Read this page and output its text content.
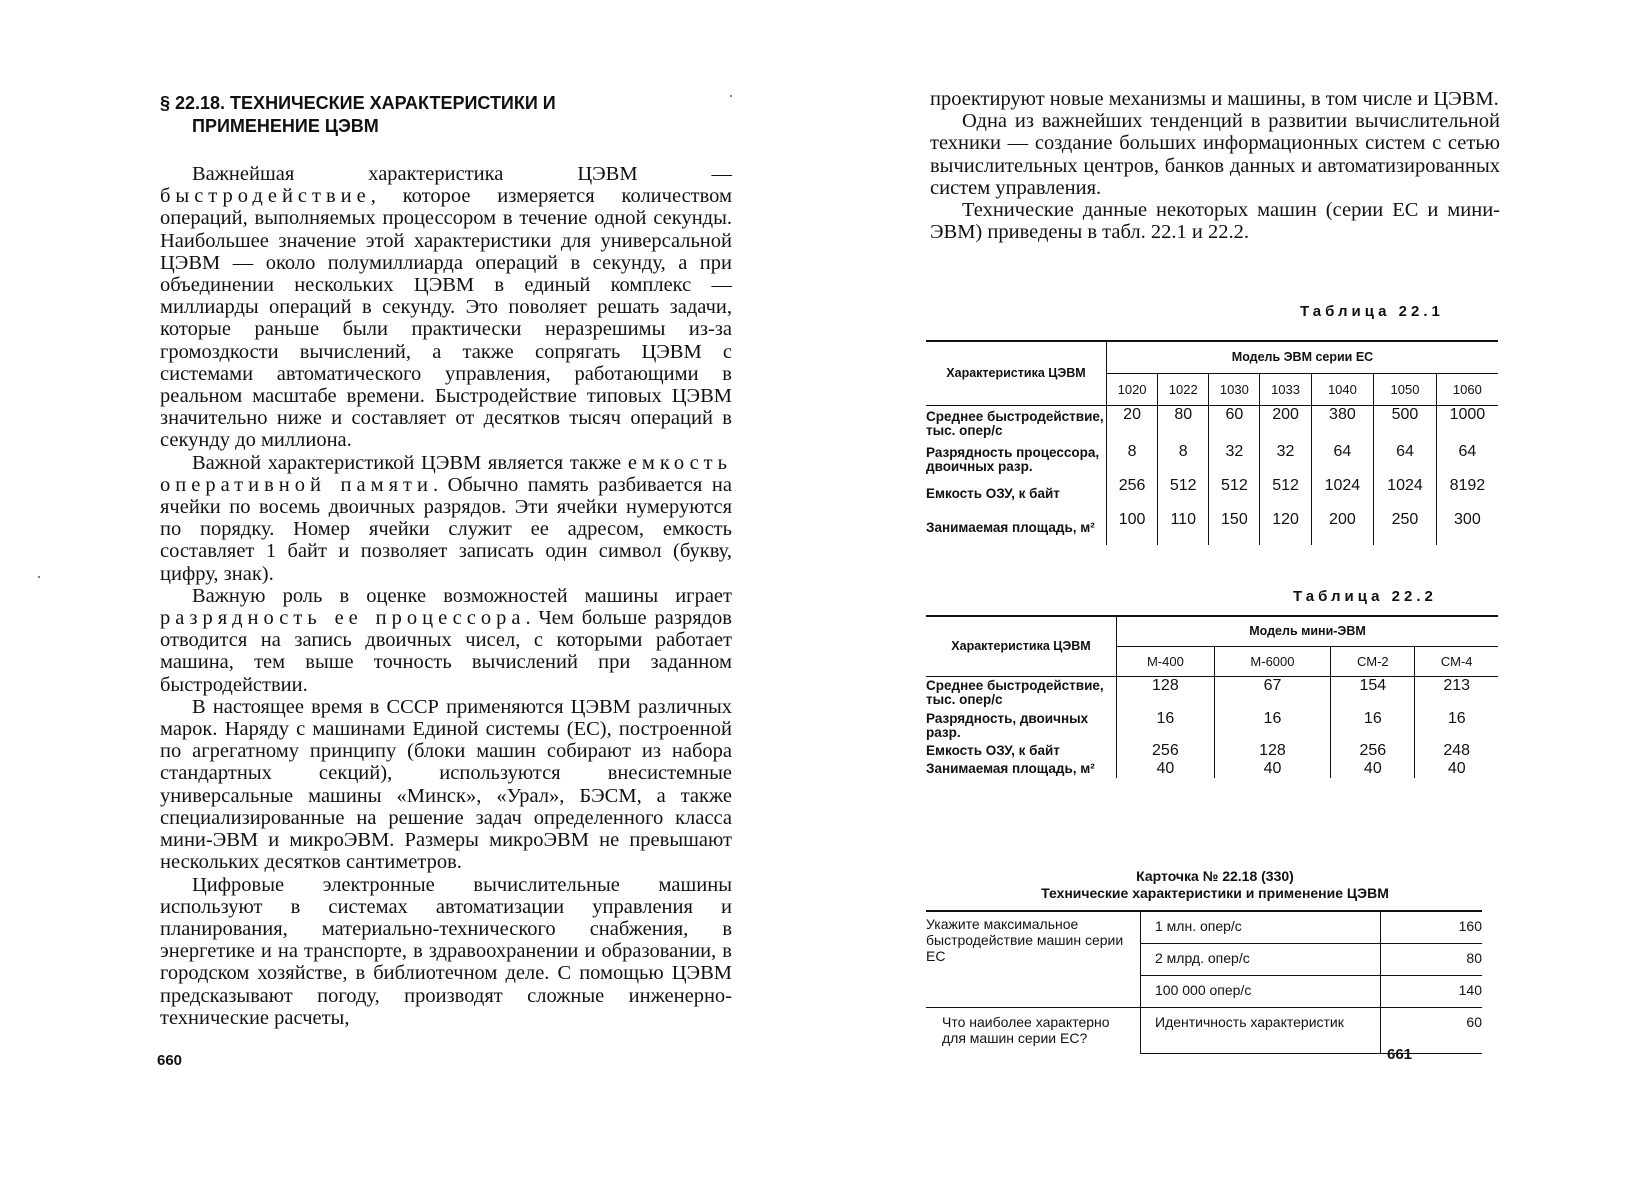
§ 22.18. ТЕХНИЧЕСКИЕ ХАРАКТЕРИСТИКИ И
ПРИМЕНЕНИЕ ЦЭВМ

Важнейшая характеристика ЦЭВМ — быстродействие, которое измеряется количеством операций, выполняемых процессором в течение одной секунды. Наибольшее значение этой характеристики для универсальной ЦЭВМ — около полумиллиарда операций в секунду, а при объединении нескольких ЦЭВМ в единый комплекс — миллиарды операций в секунду. Это поволяет решать задачи, которые раньше были практически неразрешимы из-за громоздкости вычислений, а также сопрягать ЦЭВМ с системами автоматического управления, работающими в реальном масштабе времени. Быстродействие типовых ЦЭВМ значительно ниже и составляет от десятков тысяч операций в секунду до миллиона.

Важной характеристикой ЦЭВМ является также емкость оперативной памяти. Обычно память разбивается на ячейки по восемь двоичных разрядов. Эти ячейки нумеруются по порядку. Номер ячейки служит ее адресом, емкость составляет 1 байт и позволяет записать один символ (букву, цифру, знак).

Важную роль в оценке возможностей машины играет разрядность ее процессора. Чем больше разрядов отводится на запись двоичных чисел, с которыми работает машина, тем выше точность вычислений при заданном быстродействии.

В настоящее время в СССР применяются ЦЭВМ различных марок. Наряду с машинами Единой системы (ЕС), построенной по агрегатному принципу (блоки машин собирают из набора стандартных секций), используются внесистемные универсальные машины «Минск», «Урал», БЭСМ, а также специализированные на решение задач определенного класса мини-ЭВМ и микроЭВМ. Размеры микроЭВМ не превышают нескольких десятков сантиметров.

Цифровые электронные вычислительные машины используют в системах автоматизации управления и планирования, материально-технического снабжения, в энергетике и на транспорте, в здравоохранении и образовании, в городском хозяйстве, в библиотечном деле. С помощью ЦЭВМ предсказывают погоду, производят сложные инженерно-технические расчеты,

660

проектируют новые механизмы и машины, в том числе и ЦЭВМ.

Одна из важнейших тенденций в развитии вычислительной техники — создание больших информационных систем с сетью вычислительных центров, банков данных и автоматизированных систем управления.

Технические данные некоторых машин (серии ЕС и мини-ЭВМ) приведены в табл. 22.1 и 22.2.

Таблица 22.1
Характеристика ЦЭВМ	Модель ЭВМ серии ЕС						
	1020	1022	1030	1033	1040	1050	1060
Среднее быстродействие, тыс. опер/с	20	80	60	200	380	500	1000
Разрядность процессора, двоичных разр.	8	8	32	32	64	64	64
Емкость ОЗУ, к байт	256	512	512	512	1024	1024	8192
Занимаемая площадь, м²	100	110	150	120	200	250	300
Таблица 22.2
Характеристика ЦЭВМ	Модель мини-ЭВМ			
	М-400	М-6000	СМ-2	СМ-4
Среднее быстродействие, тыс. опер/с	128	67	154	213
Разрядность, двоичных разр.	16	16	16	16
Емкость ОЗУ, к байт	256	128	256	248
Занимаемая площадь, м²	40	40	40	40
Карточка № 22.18 (330)
Технические характеристики и применение ЦЭВМ
Укажите максимальное быстродействие машин серии ЕС	1 млн. опер/с	160
	2 млрд. опер/с	80
	100 000 опер/с	140
Что наиболее характерно для машин серии ЕС?	Идентичность характеристик	60
661
